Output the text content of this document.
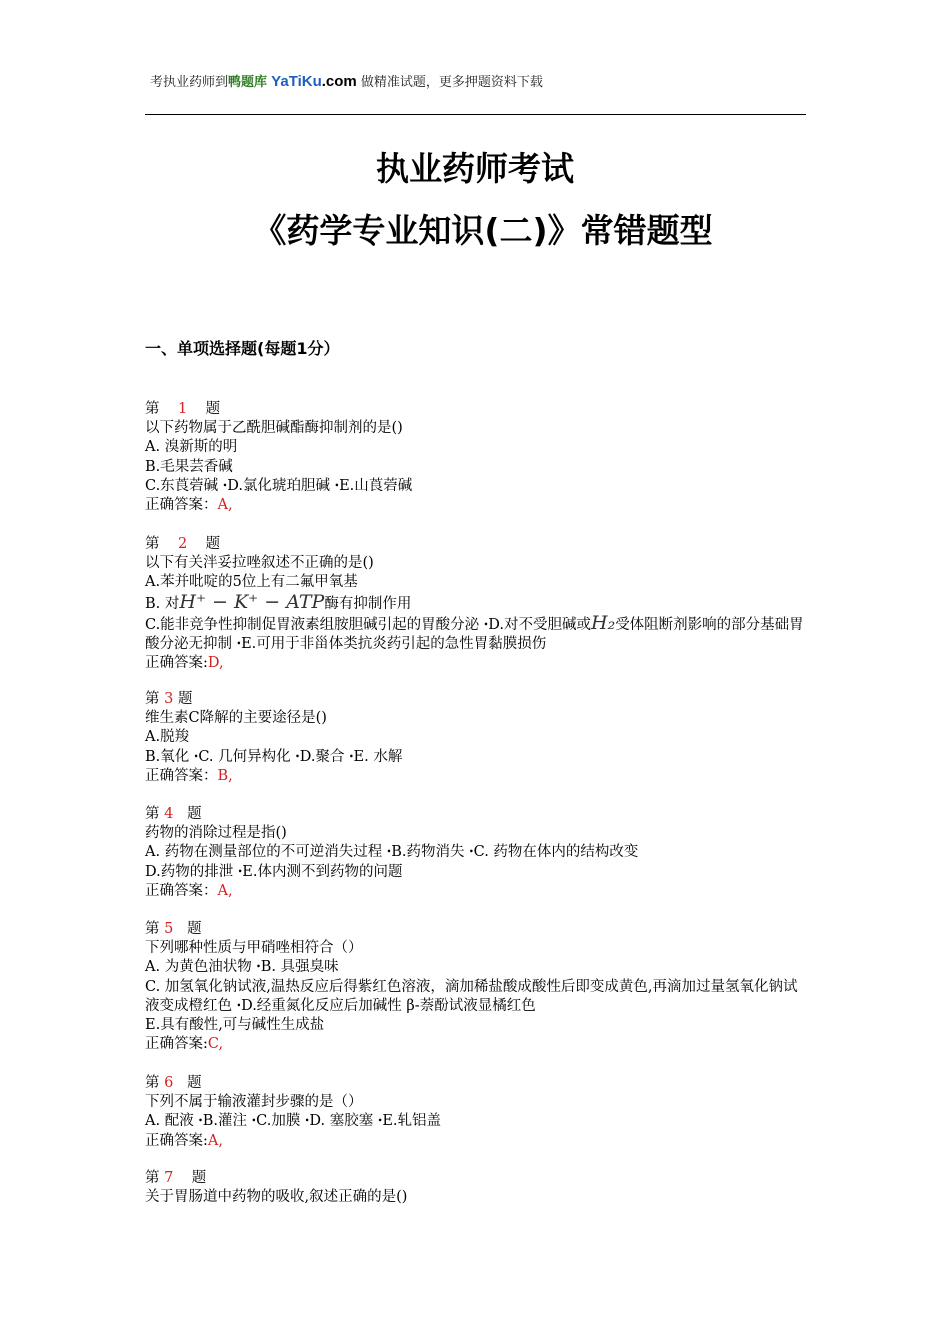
考执业药师到鸭题库 YaTiKu.com 做精准试题，更多押题资料下载
执业药师考试
《药学专业知识(二)》常错题型
一、单项选择题(每题1分）
第 1 题
以下药物属于乙酰胆碱酯酶抑制剂的是()
A. 溴新斯的明
B.毛果芸香碱
C.东莨菪碱 ꞏD.氯化琥珀胆碱 ꞏE.山莨菪碱
正确答案：A,
第 2 题
以下有关泮妥拉唑叙述不正确的是()
A.苯并吡啶的5位上有二氟甲氧基
B. 对H⁺ − K⁺ − ATP酶有抑制作用
C.能非竞争性抑制促胃液素组胺胆碱引起的胃酸分泌 ꞏD.对不受胆碱或H₂受体阻断剂影响的部分基础胃酸分泌无抑制 ꞏE.可用于非甾体类抗炎药引起的急性胃黏膜损伤
正确答案:D,
第 3 题
维生素C降解的主要途径是()
A.脱羧
B.氧化 ꞏC. 几何异构化 ꞏD.聚合 ꞏE. 水解
正确答案：B,
第 4 题
药物的消除过程是指()
A. 药物在测量部位的不可逆消失过程 ꞏB.药物消失 ꞏC. 药物在体内的结构改变
D.药物的排泄 ꞏE.体内测不到药物的问题
正确答案：A,
第 5 题
下列哪种性质与甲硝唑相符合（）
A. 为黄色油状物 ꞏB. 具强臭味
C. 加氢氧化钠试液,温热反应后得紫红色溶液，滴加稀盐酸成酸性后即变成黄色,再滴加过量氢氧化钠试液变成橙红色 ꞏD.经重氮化反应后加碱性 β-萘酚试液显橘红色
E.具有酸性,可与碱性生成盐
正确答案:C,
第 6 题
下列不属于输液灌封步骤的是（）
A. 配液 ꞏB.灌注 ꞏC.加膜 ꞏD. 塞胶塞 ꞏE.轧铝盖
正确答案:A,
第 7 题
关于胃肠道中药物的吸收,叙述正确的是()
